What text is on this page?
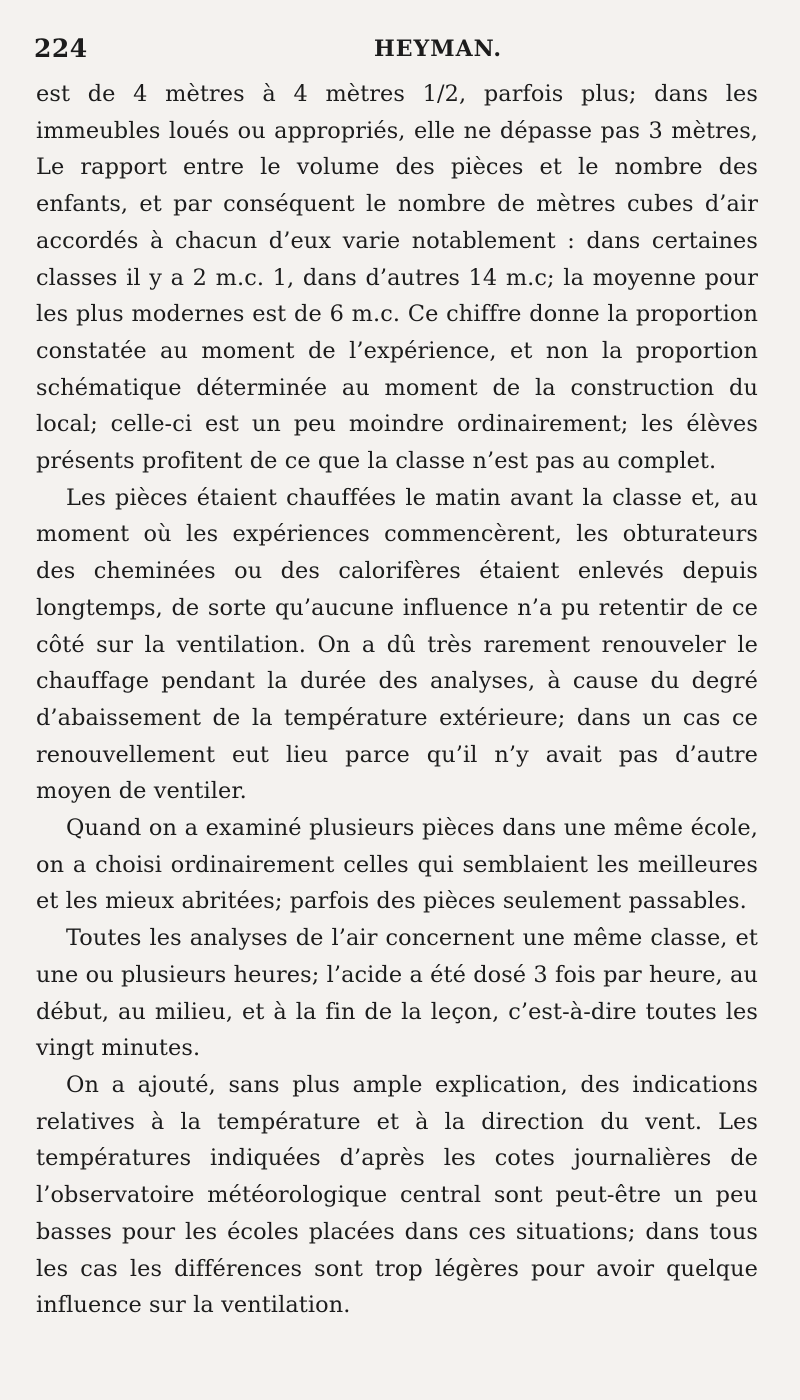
224	HEYMAN.

est de 4 mètres à 4 mètres 1/2, parfois plus; dans les immeubles loués ou appropriés, elle ne dépasse pas 3 mètres, Le rapport entre le volume des pièces et le nombre des enfants, et par conséquent le nombre de mètres cubes d’air accordés à chacun d’eux varie notablement : dans certaines classes il y a 2 m.c. 1, dans d’autres 14 m.c; la moyenne pour les plus modernes est de 6 m.c. Ce chiffre donne la proportion constatée au moment de l’expérience, et non la proportion schématique déterminée au moment de la construction du local; celle-ci est un peu moindre ordinairement; les élèves présents profitent de ce que la classe n’est pas au complet.

Les pièces étaient chauffées le matin avant la classe et, au moment où les expériences commencèrent, les obturateurs des cheminées ou des calorifères étaient enlevés depuis longtemps, de sorte qu’aucune influence n’a pu retentir de ce côté sur la ventilation. On a dû très rarement renouveler le chauffage pendant la durée des analyses, à cause du degré d’abaissement de la température extérieure; dans un cas ce renouvellement eut lieu parce qu’il n’y avait pas d’autre moyen de ventiler.

Quand on a examiné plusieurs pièces dans une même école, on a choisi ordinairement celles qui semblaient les meilleures et les mieux abritées; parfois des pièces seulement passables.

Toutes les analyses de l’air concernent une même classe, et une ou plusieurs heures; l’acide a été dosé 3 fois par heure, au début, au milieu, et à la fin de la leçon, c’est-à-dire toutes les vingt minutes.

On a ajouté, sans plus ample explication, des indications relatives à la température et à la direction du vent. Les températures indiquées d’après les cotes journalières de l’observatoire météorologique central sont peut-être un peu basses pour les écoles placées dans ces situations; dans tous les cas les différences sont trop légères pour avoir quelque influence sur la ventilation.
